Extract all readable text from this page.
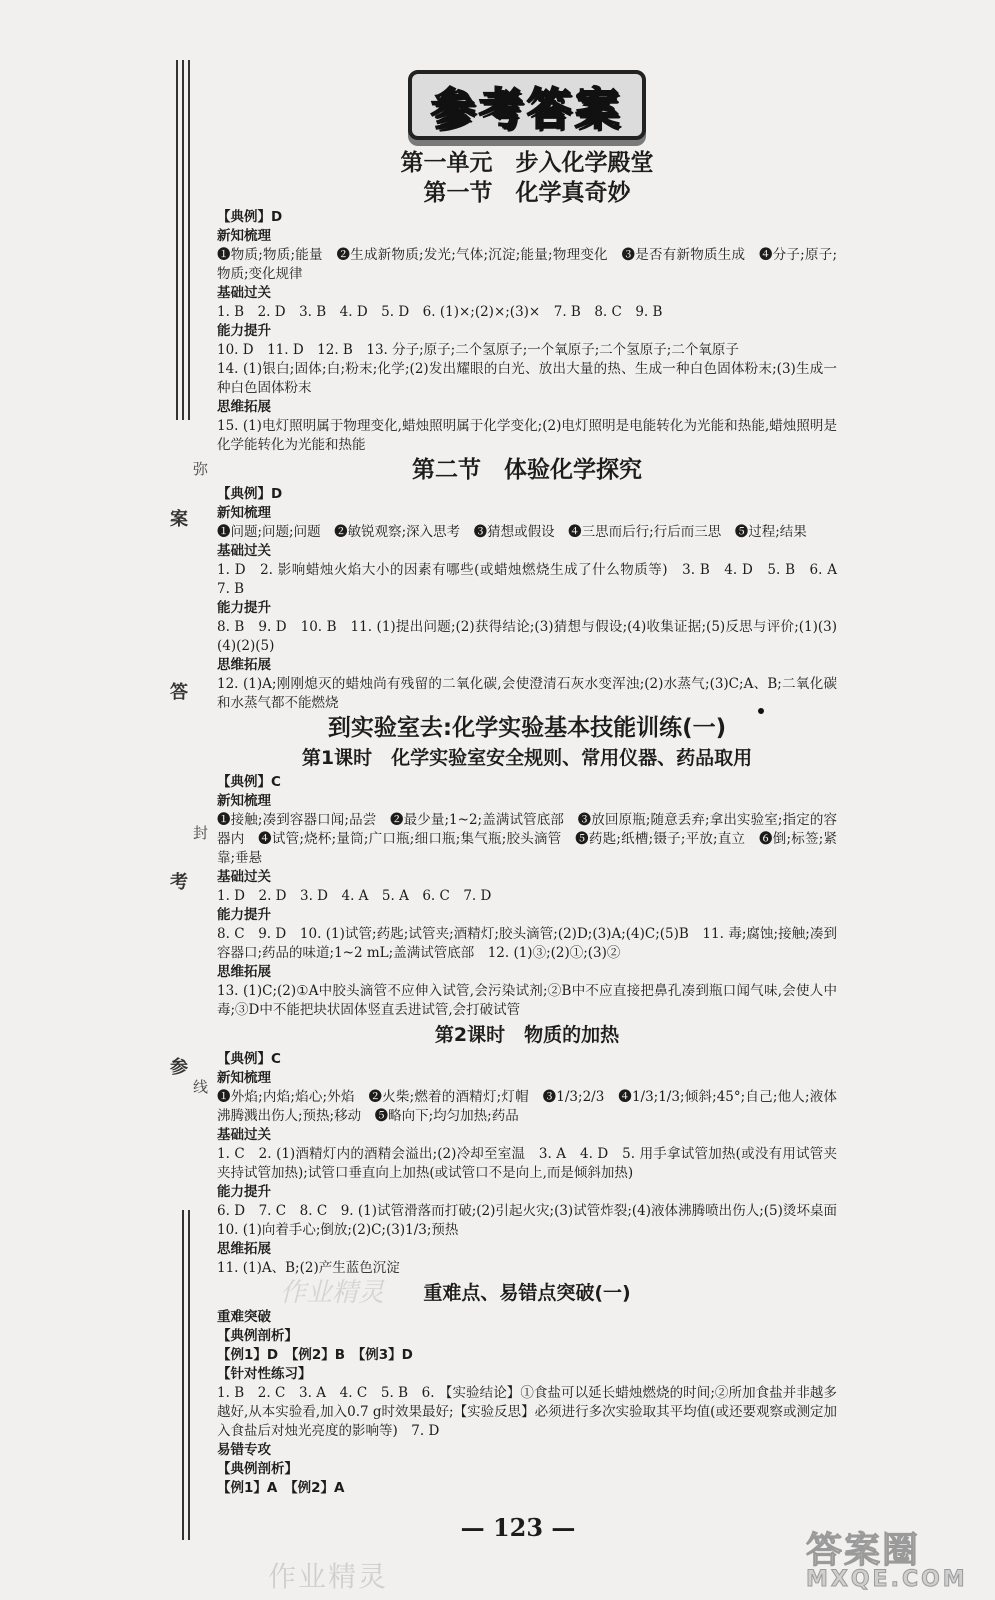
弥
案
答
封
考
参
线
参考答案
第一单元　步入化学殿堂
第一节　化学真奇妙
【典例】D
新知梳理
❶物质;物质;能量　❷生成新物质;发光;气体;沉淀;能量;物理变化　❸是否有新物质生成　❹分子;原子;物质;变化规律
基础过关
1. B　2. D　3. B　4. D　5. D　6. (1)×;(2)×;(3)×　7. B　8. C　9. B
能力提升
10. D　11. D　12. B　13. 分子;原子;二个氢原子;一个氧原子;二个氢原子;二个氧原子
14. (1)银白;固体;白;粉末;化学;(2)发出耀眼的白光、放出大量的热、生成一种白色固体粉末;(3)生成一种白色固体粉末
思维拓展
15. (1)电灯照明属于物理变化,蜡烛照明属于化学变化;(2)电灯照明是电能转化为光能和热能,蜡烛照明是化学能转化为光能和热能
第二节　体验化学探究
【典例】D
新知梳理
❶问题;问题;问题　❷敏锐观察;深入思考　❸猜想或假设　❹三思而后行;行后而三思　❺过程;结果
基础过关
1. D　2. 影响蜡烛火焰大小的因素有哪些(或蜡烛燃烧生成了什么物质等)　3. B　4. D　5. B　6. A　7. B
能力提升
8. B　9. D　10. B　11. (1)提出问题;(2)获得结论;(3)猜想与假设;(4)收集证据;(5)反思与评价;(1)(3)(4)(2)(5)
思维拓展
12. (1)A;刚刚熄灭的蜡烛尚有残留的二氧化碳,会使澄清石灰水变浑浊;(2)水蒸气;(3)C;A、B;二氧化碳和水蒸气都不能燃烧
到实验室去:化学实验基本技能训练(一)
第1课时　化学实验室安全规则、常用仪器、药品取用
【典例】C
新知梳理
❶接触;凑到容器口闻;品尝　❷最少量;1~2;盖满试管底部　❸放回原瓶;随意丢弃;拿出实验室;指定的容器内　❹试管;烧杯;量筒;广口瓶;细口瓶;集气瓶;胶头滴管　❺药匙;纸槽;镊子;平放;直立　❻倒;标签;紧靠;垂悬
基础过关
1. D　2. D　3. D　4. A　5. A　6. C　7. D
能力提升
8. C　9. D　10. (1)试管;药匙;试管夹;酒精灯;胶头滴管;(2)D;(3)A;(4)C;(5)B　11. 毒;腐蚀;接触;凑到容器口;药品的味道;1~2 mL;盖满试管底部　12. (1)③;(2)①;(3)②
思维拓展
13. (1)C;(2)①A中胶头滴管不应伸入试管,会污染试剂;②B中不应直接把鼻孔凑到瓶口闻气味,会使人中毒;③D中不能把块状固体竖直丢进试管,会打破试管
第2课时　物质的加热
【典例】C
新知梳理
❶外焰;内焰;焰心;外焰　❷火柴;燃着的酒精灯;灯帽　❸1/3;2/3　❹1/3;1/3;倾斜;45°;自己;他人;液体沸腾溅出伤人;预热;移动　❺略向下;均匀加热;药品
基础过关
1. C　2. (1)酒精灯内的酒精会溢出;(2)冷却至室温　3. A　4. D　5. 用手拿试管加热(或没有用试管夹夹持试管加热);试管口垂直向上加热(或试管口不是向上,而是倾斜加热)
能力提升
6. D　7. C　8. C　9. (1)试管滑落而打破;(2)引起火灾;(3)试管炸裂;(4)液体沸腾喷出伤人;(5)烫坏桌面　10. (1)向着手心;倒放;(2)C;(3)1/3;预热
思维拓展
11. (1)A、B;(2)产生蓝色沉淀
重难点、易错点突破(一)
重难突破
【典例剖析】
【例1】D　【例2】B　【例3】D
【针对性练习】
1. B　2. C　3. A　4. C　5. B　6. 【实验结论】①食盐可以延长蜡烛燃烧的时间;②所加食盐并非越多越好,从本实验看,加入0.7 g时效果最好;【实验反思】必须进行多次实验取其平均值(或还要观察或测定加入食盐后对烛光亮度的影响等)　7. D
易错专攻
【典例剖析】
【例1】A　【例2】A
作业精灵
— 123 —
作业精灵
答案圈
MXQE.COM
